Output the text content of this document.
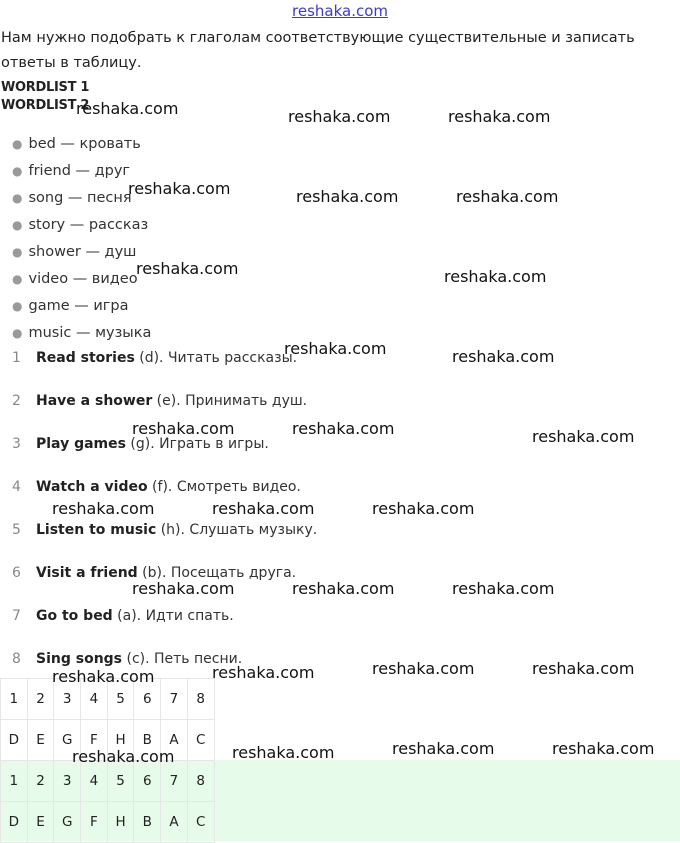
reshaka.com
Нам нужно подобрать к глаголам соответствующие существительные и записать ответы в таблицу.
WORDLIST 1
WORDLIST 2
● bed — кровать
● friend — друг
● song — песня
● story — рассказ
● shower — душ
● video — видео
● game — игра
● music — музыка
1 Read stories (d). Читать рассказы.
2 Have a shower (e). Принимать душ.
3 Play games (g). Играть в игры.
4 Watch a video (f). Смотреть видео.
5 Listen to music (h). Слушать музыку.
6 Visit a friend (b). Посещать друга.
7 Go to bed (a). Идти спать.
8 Sing songs (c). Петь песни.
1	2	3	4	5	6	7	8
D	E	G	F	H	B	A	C
1	2	3	4	5	6	7	8
D	E	G	F	H	B	A	C
reshaka.com	reshaka.com	reshaka.com
reshaka.com	reshaka.com	reshaka.com
reshaka.com	reshaka.com
reshaka.com	reshaka.com
reshaka.com	reshaka.com	reshaka.com
reshaka.com	reshaka.com	reshaka.com
reshaka.com	reshaka.com	reshaka.com
reshaka.com	reshaka.com	reshaka.com
reshaka.com
reshaka.com	reshaka.com	reshaka.com	reshaka.com
